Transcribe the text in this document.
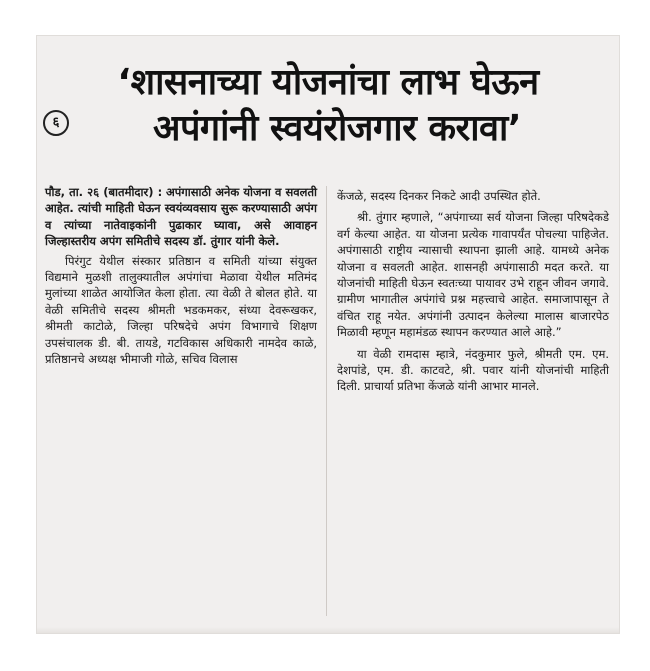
‘शासनाच्या योजनांचा लाभ घेऊन
अपंगांनी स्वयंरोजगार करावा’
६

पौड, ता. २६ (बातमीदार) : अपंगासाठी अनेक योजना व सवलती आहेत. त्यांची माहिती घेऊन स्वयंव्यवसाय सुरू करण्यासाठी अपंग व त्यांच्या नातेवाइकांनी पुढाकार घ्यावा, असे आवाहन जिल्हास्तरीय अपंग समितीचे सदस्य डॉ. तुंगार यांनी केले.

पिरंगुट येथील संस्कार प्रतिष्ठान व समिती यांच्या संयुक्त विद्यमाने मुळशी तालुक्यातील अपंगांचा मेळावा येथील मतिमंद मुलांच्या शाळेत आयोजित केला होता. त्या वेळी ते बोलत होते. या वेळी समितीचे सदस्य श्रीमती भडकमकर, संध्या देवरूखकर, श्रीमती काटोळे, जिल्हा परिषदेचे अपंग विभागाचे शिक्षण उपसंचालक डी. बी. तायडे, गटविकास अधिकारी नामदेव काळे, प्रतिष्ठानचे अध्यक्ष भीमाजी गोळे, सचिव विलास

केंजळे, सदस्य दिनकर निकटे आदी उपस्थित होते.

श्री. तुंगार म्हणाले, “अपंगाच्या सर्व योजना जिल्हा परिषदेकडे वर्ग केल्या आहेत. या योजना प्रत्येक गावापर्यंत पोचल्या पाहिजेत. अपंगासाठी राष्ट्रीय न्यासाची स्थापना झाली आहे. यामध्ये अनेक योजना व सवलती आहेत. शासनही अपंगासाठी मदत करते. या योजनांची माहिती घेऊन स्वतःच्या पायावर उभे राहून जीवन जगावे. ग्रामीण भागातील अपंगांचे प्रश्न महत्त्वाचे आहेत. समाजापासून ते वंचित राहू नयेत. अपंगांनी उत्पादन केलेल्या मालास बाजारपेठ मिळावी म्हणून महामंडळ स्थापन करण्यात आले आहे.”

या वेळी रामदास म्हात्रे, नंदकुमार फुले, श्रीमती एम. एम. देशपांडे, एम. डी. काटवटे, श्री. पवार यांनी योजनांची माहिती दिली. प्राचार्या प्रतिभा केंजळे यांनी आभार मानले.
